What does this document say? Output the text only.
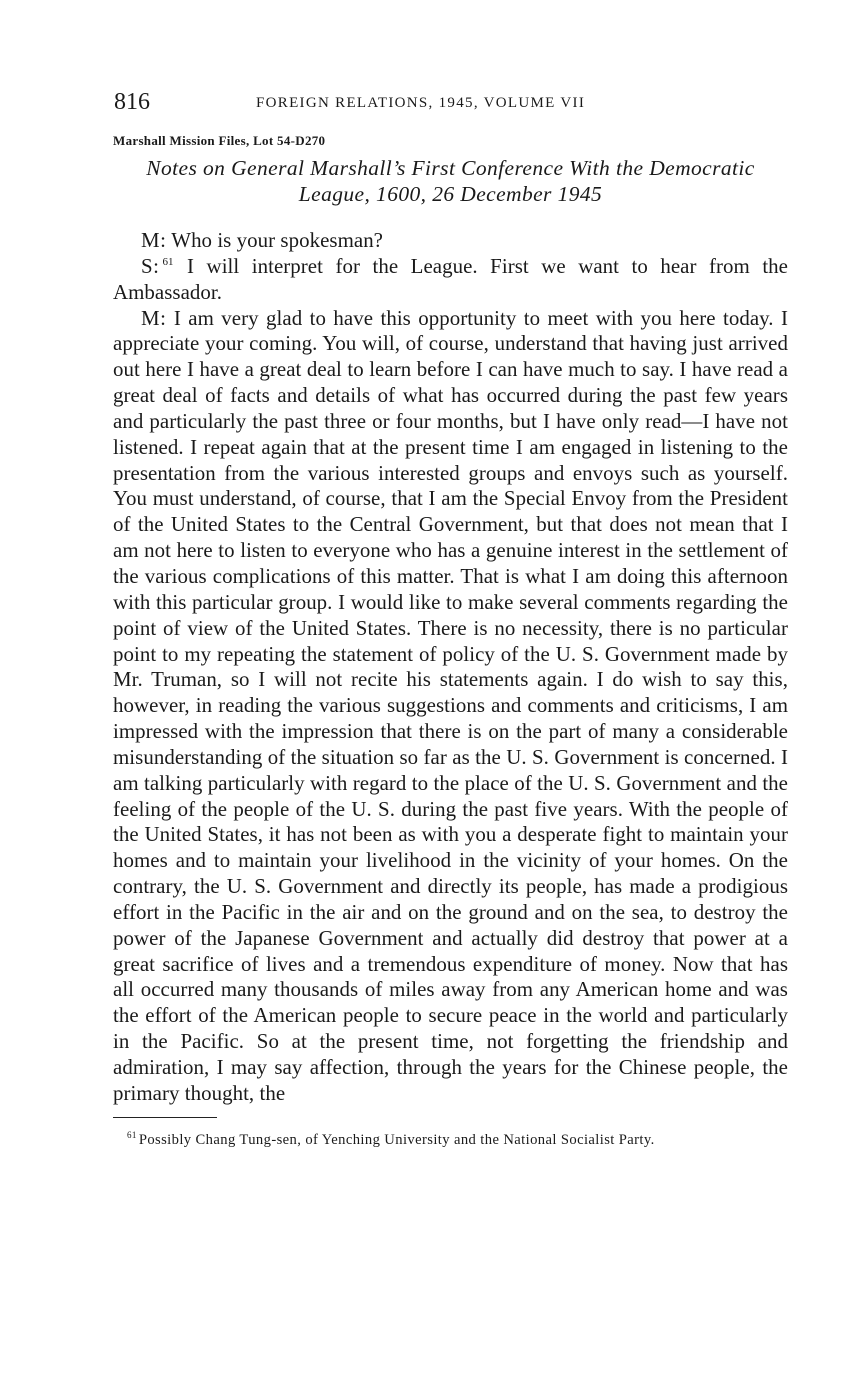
816	FOREIGN RELATIONS, 1945, VOLUME VII
Marshall Mission Files, Lot 54-D270
Notes on General Marshall’s First Conference With the Democratic
League, 1600, 26 December 1945

M: Who is your spokesman?

S: $^{61}$ I will interpret for the League. First we want to hear from the Ambassador.

M: I am very glad to have this opportunity to meet with you here today. I appreciate your coming. You will, of course, understand that having just arrived out here I have a great deal to learn before I can have much to say. I have read a great deal of facts and details of what has occurred during the past few years and particularly the past three or four months, but I have only read—I have not listened. I repeat again that at the present time I am engaged in listening to the presentation from the various interested groups and envoys such as yourself. You must understand, of course, that I am the Special Envoy from the President of the United States to the Central Government, but that does not mean that I am not here to listen to everyone who has a genuine interest in the settlement of the various complications of this matter. That is what I am doing this afternoon with this particular group. I would like to make several comments regarding the point of view of the United States. There is no necessity, there is no particular point to my repeating the statement of policy of the U. S. Government made by Mr. Truman, so I will not recite his statements again. I do wish to say this, however, in reading the various suggestions and comments and criticisms, I am impressed with the impression that there is on the part of many a considerable misunderstanding of the situation so far as the U. S. Government is concerned. I am talking particularly with regard to the place of the U. S. Government and the feeling of the people of the U. S. during the past five years. With the people of the United States, it has not been as with you a desperate fight to maintain your homes and to maintain your livelihood in the vicinity of your homes. On the contrary, the U. S. Government and directly its people, has made a prodigious effort in the Pacific in the air and on the ground and on the sea, to destroy the power of the Japanese Government and actually did destroy that power at a great sacrifice of lives and a tremendous expenditure of money. Now that has all occurred many thousands of miles away from any American home and was the effort of the American people to secure peace in the world and particularly in the Pacific. So at the present time, not forgetting the friendship and admiration, I may say affection, through the years for the Chinese people, the primary thought, the

$^{61}$ Possibly Chang Tung-sen, of Yenching University and the National Socialist Party.
